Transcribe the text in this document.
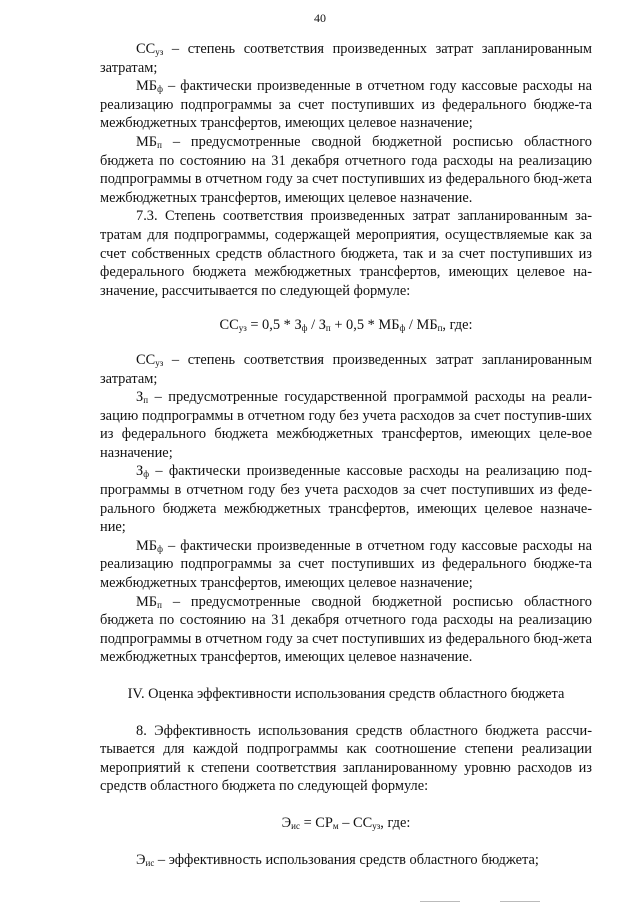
40

$СС_{уз}$ – степень соответствия произведенных затрат запланированным затратам;

$МБ_ф$ – фактически произведенные в отчетном году кассовые расходы на реализацию подпрограммы за счет поступивших из федерального бюдже-та межбюджетных трансфертов, имеющих целевое назначение;

$МБ_п$ – предусмотренные сводной бюджетной росписью областного бюджета по состоянию на 31 декабря отчетного года расходы на реализацию подпрограммы в отчетном году за счет поступивших из федерального бюд-жета межбюджетных трансфертов, имеющих целевое назначение.

7.3. Степень соответствия произведенных затрат запланированным за-тратам для подпрограммы, содержащей мероприятия, осуществляемые как за счет собственных средств областного бюджета, так и за счет поступивших из федерального бюджета межбюджетных трансфертов, имеющих целевое на-значение, рассчитывается по следующей формуле:

$СС_{уз} = 0,5 * З_ф / З_п + 0,5 * МБ_ф / МБ_п$, где:

$СС_{уз}$ – степень соответствия произведенных затрат запланированным затратам;

$З_п$ – предусмотренные государственной программой расходы на реали-зацию подпрограммы в отчетном году без учета расходов за счет поступив-ших из федерального бюджета межбюджетных трансфертов, имеющих целе-вое назначение;

$З_ф$ – фактически произведенные кассовые расходы на реализацию под-программы в отчетном году без учета расходов за счет поступивших из феде-рального бюджета межбюджетных трансфертов, имеющих целевое назначе-ние;

$МБ_ф$ – фактически произведенные в отчетном году кассовые расходы на реализацию подпрограммы за счет поступивших из федерального бюдже-та межбюджетных трансфертов, имеющих целевое назначение;

$МБ_п$ – предусмотренные сводной бюджетной росписью областного бюджета по состоянию на 31 декабря отчетного года расходы на реализацию подпрограммы в отчетном году за счет поступивших из федерального бюд-жета межбюджетных трансфертов, имеющих целевое назначение.

IV. Оценка эффективности использования средств областного бюджета

8. Эффективность использования средств областного бюджета рассчи-тывается для каждой подпрограммы как соотношение степени реализации мероприятий к степени соответствия запланированному уровню расходов из средств областного бюджета по следующей формуле:

$Э_{ис} = СР_м - СС_{уз}$, где:

$Э_{ис}$ – эффективность использования средств областного бюджета;
